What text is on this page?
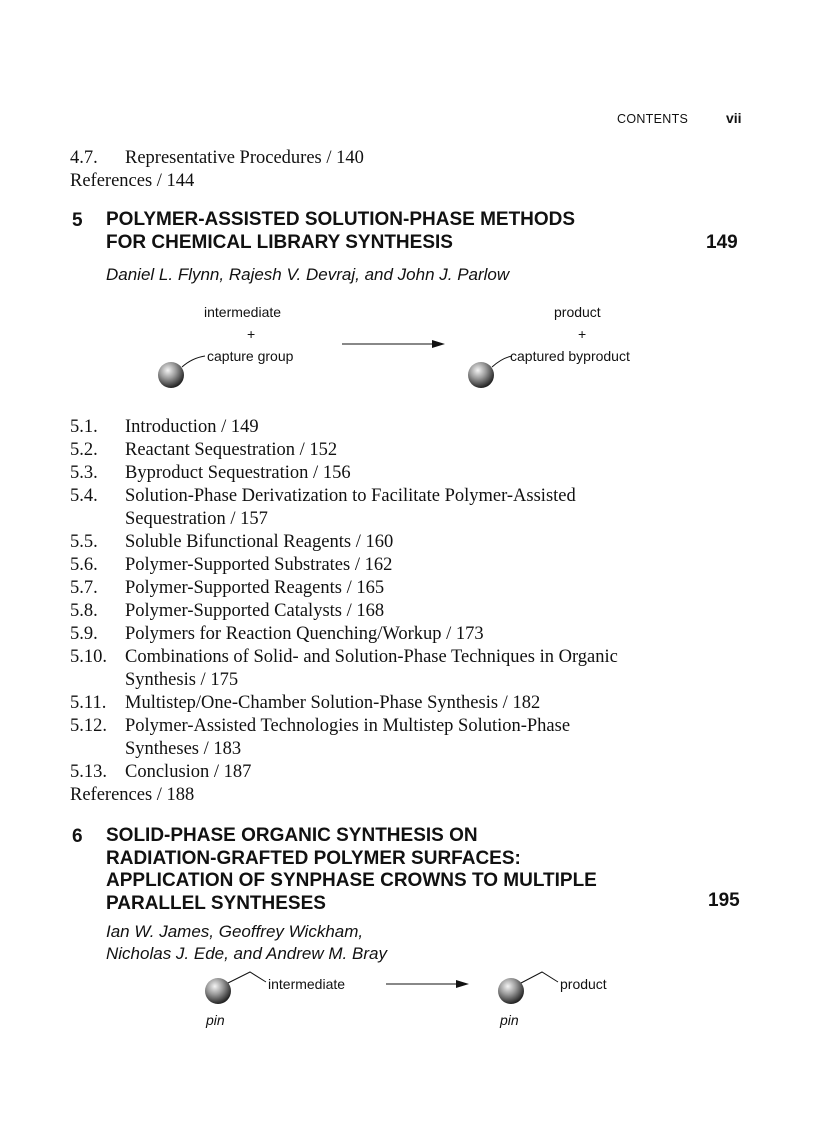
CONTENTS	vii
4.7. Representative Procedures / 140
References / 144
5 POLYMER-ASSISTED SOLUTION-PHASE METHODS
FOR CHEMICAL LIBRARY SYNTHESIS	149
Daniel L. Flynn, Rajesh V. Devraj, and John J. Parlow
intermediate
+
capture group
product
+
captured byproduct
5.1. Introduction / 149
5.2. Reactant Sequestration / 152
5.3. Byproduct Sequestration / 156
5.4. Solution-Phase Derivatization to Facilitate Polymer-Assisted
Sequestration / 157
5.5. Soluble Bifunctional Reagents / 160
5.6. Polymer-Supported Substrates / 162
5.7. Polymer-Supported Reagents / 165
5.8. Polymer-Supported Catalysts / 168
5.9. Polymers for Reaction Quenching/Workup / 173
5.10. Combinations of Solid- and Solution-Phase Techniques in Organic
Synthesis / 175
5.11. Multistep/One-Chamber Solution-Phase Synthesis / 182
5.12. Polymer-Assisted Technologies in Multistep Solution-Phase
Syntheses / 183
5.13. Conclusion / 187
References / 188
6 SOLID-PHASE ORGANIC SYNTHESIS ON
RADIATION-GRAFTED POLYMER SURFACES:
APPLICATION OF SYNPHASE CROWNS TO MULTIPLE
PARALLEL SYNTHESES	195
Ian W. James, Geoffrey Wickham,
Nicholas J. Ede, and Andrew M. Bray
intermediate
pin
product
pin
